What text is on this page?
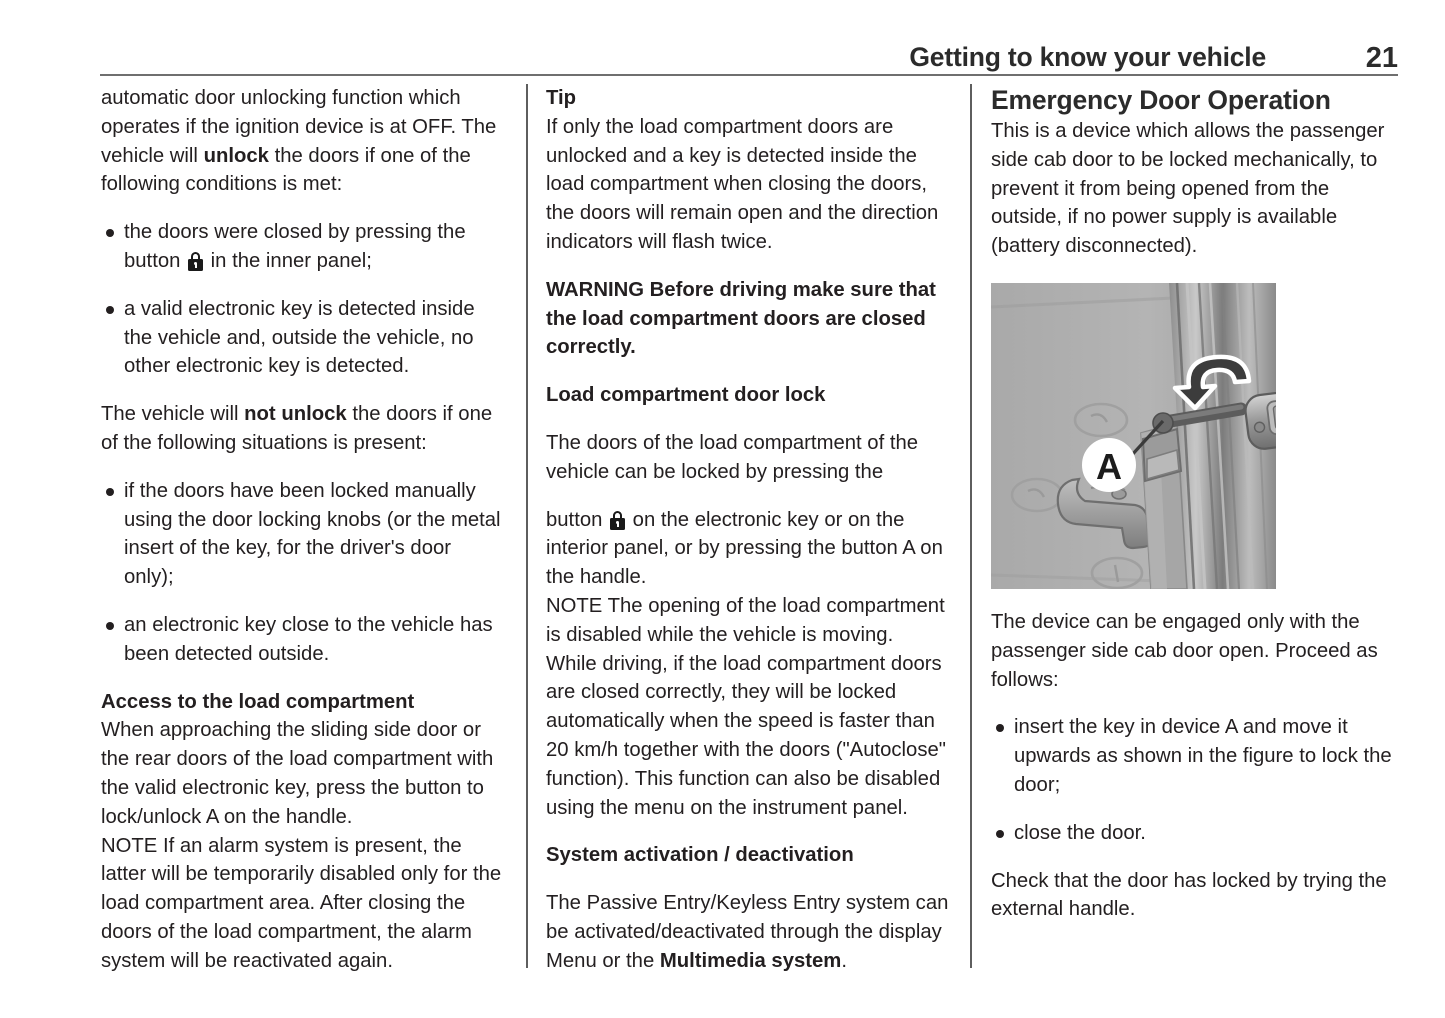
Getting to know your vehicle	21

automatic door unlocking function which operates if the ignition device is at OFF. The vehicle will unlock the doors if one of the following conditions is met:

the doors were closed by pressing the button
in the inner panel;
a valid electronic key is detected inside the vehicle and, outside the vehicle, no other electronic key is detected.

The vehicle will not unlock the doors if one of the following situations is present:

if the doors have been locked manually using the door locking knobs (or the metal insert of the key, for the driver's door only);
an electronic key close to the vehicle has been detected outside.
Access to the load compartment

When approaching the sliding side door or the rear doors of the load compartment with the valid electronic key, press the button to lock/unlock A on the handle.

NOTE If an alarm system is present, the latter will be temporarily disabled only for the load compartment area. After closing the doors of the load compartment, the alarm system will be reactivated again.

Tip

If only the load compartment doors are unlocked and a key is detected inside the load compartment when closing the doors, the doors will remain open and the direction indicators will flash twice.

WARNING Before driving make sure that the load compartment doors are closed correctly.

Load compartment door lock

The doors of the load compartment of the vehicle can be locked by pressing the

button
on the electronic key or on the interior panel, or by pressing the button A on the handle.

NOTE The opening of the load compartment is disabled while the vehicle is moving.

While driving, if the load compartment doors are closed correctly, they will be locked automatically when the speed is faster than 20 km/h together with the doors ("Autoclose" function). This function can also be disabled using the menu on the instrument panel.

System activation / deactivation

The Passive Entry/Keyless Entry system can be activated/deactivated through the display Menu or the Multimedia system.

Emergency Door Operation

This is a device which allows the passenger side cab door to be locked mechanically, to prevent it from being opened from the outside, if no power supply is available (battery disconnected).

A

The device can be engaged only with the passenger side cab door open. Proceed as follows:

insert the key in device A and move it upwards as shown in the figure to lock the door;
close the door.

Check that the door has locked by trying the external handle.
